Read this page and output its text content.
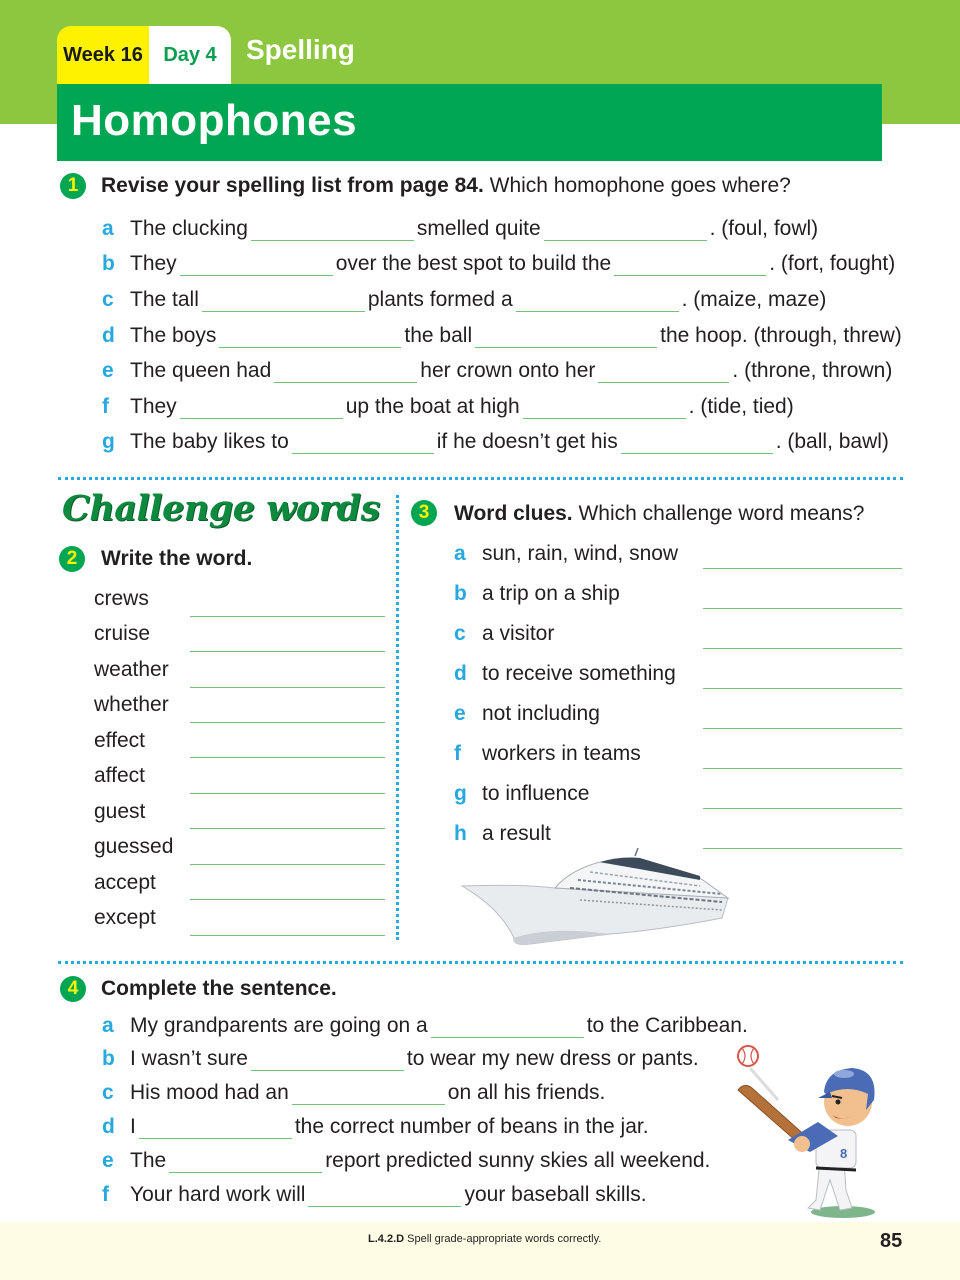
Week 16	Day 4	Spelling
Homophones
1	Revise your spelling list from page 84. Which homophone goes where?
a The clucking	smelled quite	. (foul, fowl)
b They	over the best spot to build the	. (fort, fought)
c The tall	plants formed a	. (maize, maze)
d The boys	the ball	the hoop. (through, threw)
e The queen had	her crown onto her	. (throne, thrown)
f	They	up the boat at high	. (tide, tied)
g The baby likes to	if he doesn’t get his	. (ball, bawl)
Challenge words
2	Write the word.
crews
cruise
weather
whether
effect
affect
guest
guessed
accept
except
3	Word clues. Which challenge word means?
a sun, rain, wind, snow
b a trip on a ship
c a visitor
d to receive something
e not including
f workers in teams
g to influence
h a result
4	Complete the sentence.
a My grandparents are going on a	to the Caribbean.
b I wasn’t sure	to wear my new dress or pants.
c His mood had an	on all his friends.
d I	the correct number of beans in the jar.
e The	report predicted sunny skies all weekend.
f	Your hard work will	your baseball skills.
8
L.4.2.D Spell grade-appropriate words correctly.	85
